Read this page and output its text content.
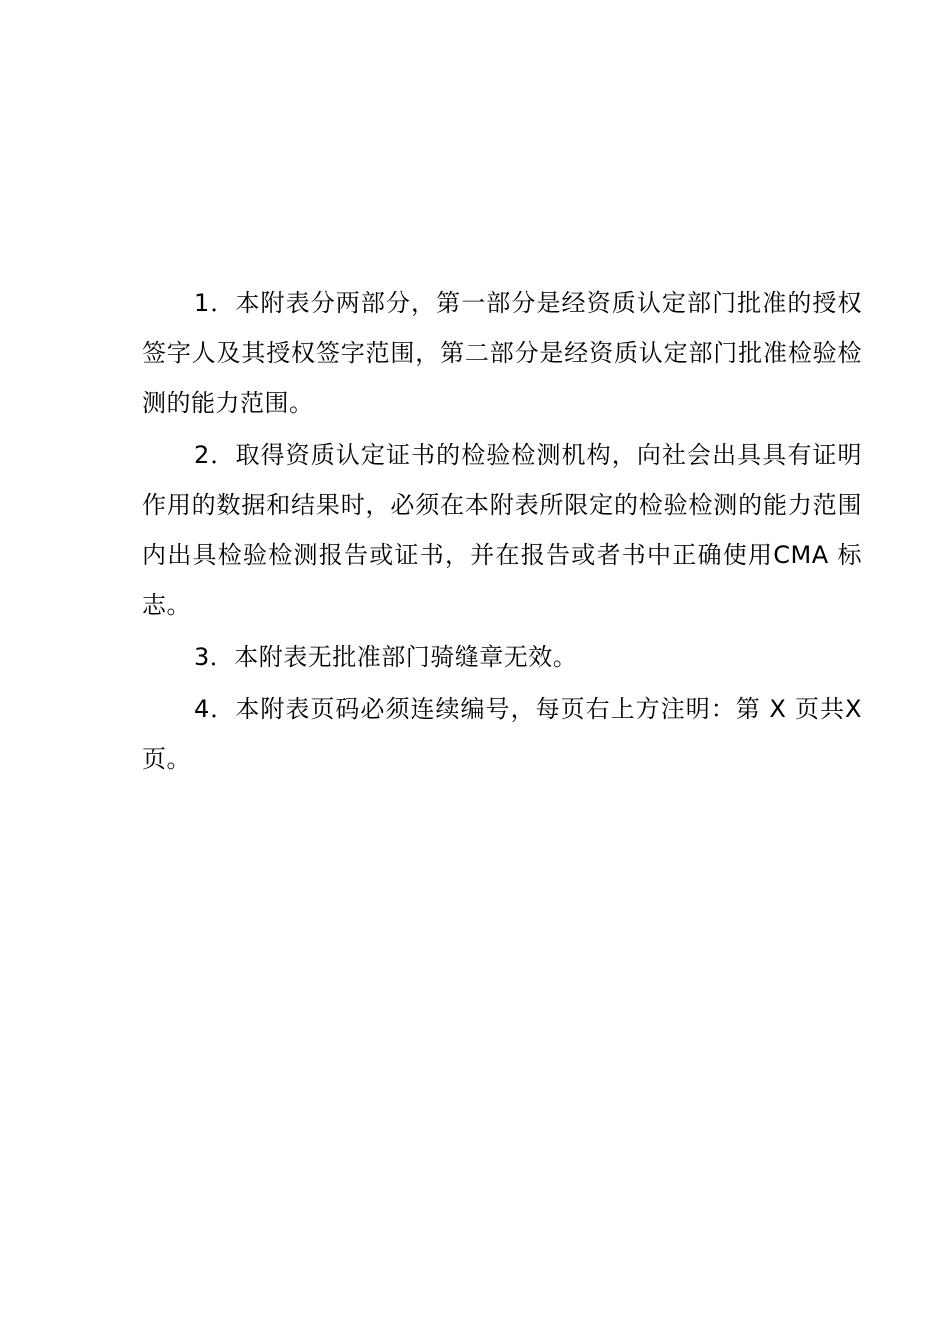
1．本附表分两部分，第一部分是经资质认定部门批准的授权签字人及其授权签字范围，第二部分是经资质认定部门批准检验检测的能力范围。

2．取得资质认定证书的检验检测机构，向社会出具具有证明作用的数据和结果时，必须在本附表所限定的检验检测的能力范围内出具检验检测报告或证书，并在报告或者书中正确使用CMA 标志。

3．本附表无批准部门骑缝章无效。

4．本附表页码必须连续编号，每页右上方注明：第 X 页共X 页。
